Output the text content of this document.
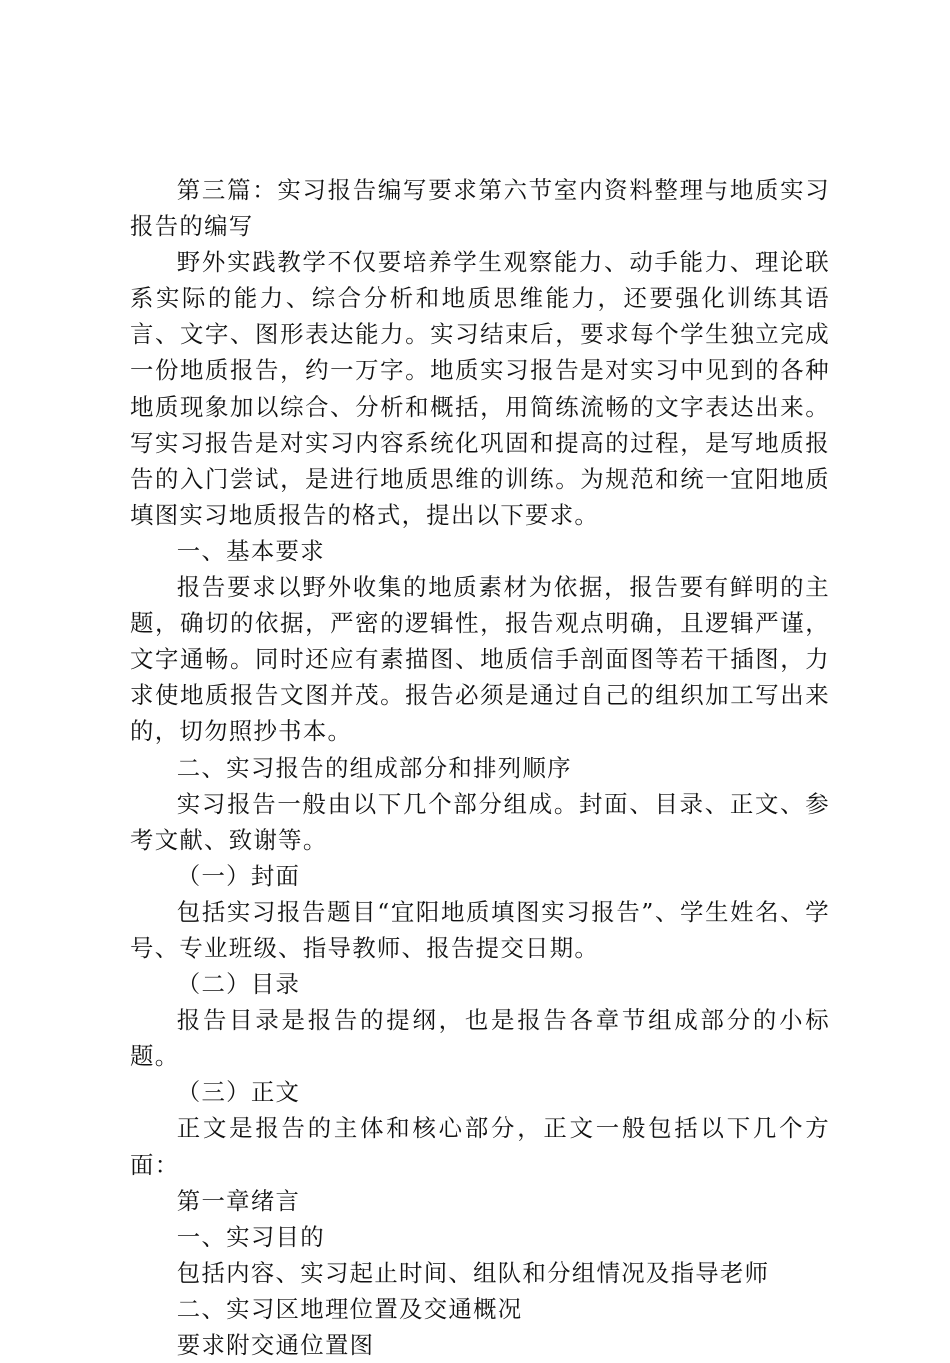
第三篇：实习报告编写要求第六节室内资料整理与地质实习报告的编写

野外实践教学不仅要培养学生观察能力、动手能力、理论联系实际的能力、综合分析和地质思维能力，还要强化训练其语言、文字、图形表达能力。实习结束后，要求每个学生独立完成一份地质报告，约一万字。地质实习报告是对实习中见到的各种地质现象加以综合、分析和概括，用简练流畅的文字表达出来。写实习报告是对实习内容系统化巩固和提高的过程，是写地质报告的入门尝试，是进行地质思维的训练。为规范和统一宜阳地质填图实习地质报告的格式，提出以下要求。

一、基本要求

报告要求以野外收集的地质素材为依据，报告要有鲜明的主题，确切的依据，严密的逻辑性，报告观点明确，且逻辑严谨，文字通畅。同时还应有素描图、地质信手剖面图等若干插图，力求使地质报告文图并茂。报告必须是通过自己的组织加工写出来的，切勿照抄书本。

二、实习报告的组成部分和排列顺序

实习报告一般由以下几个部分组成。封面、目录、正文、参考文献、致谢等。

（一）封面

包括实习报告题目“宜阳地质填图实习报告”、学生姓名、学号、专业班级、指导教师、报告提交日期。

（二）目录

报告目录是报告的提纲，也是报告各章节组成部分的小标题。

（三）正文

正文是报告的主体和核心部分，正文一般包括以下几个方面：

第一章绪言

一、实习目的

包括内容、实习起止时间、组队和分组情况及指导老师

二、实习区地理位置及交通概况

要求附交通位置图
